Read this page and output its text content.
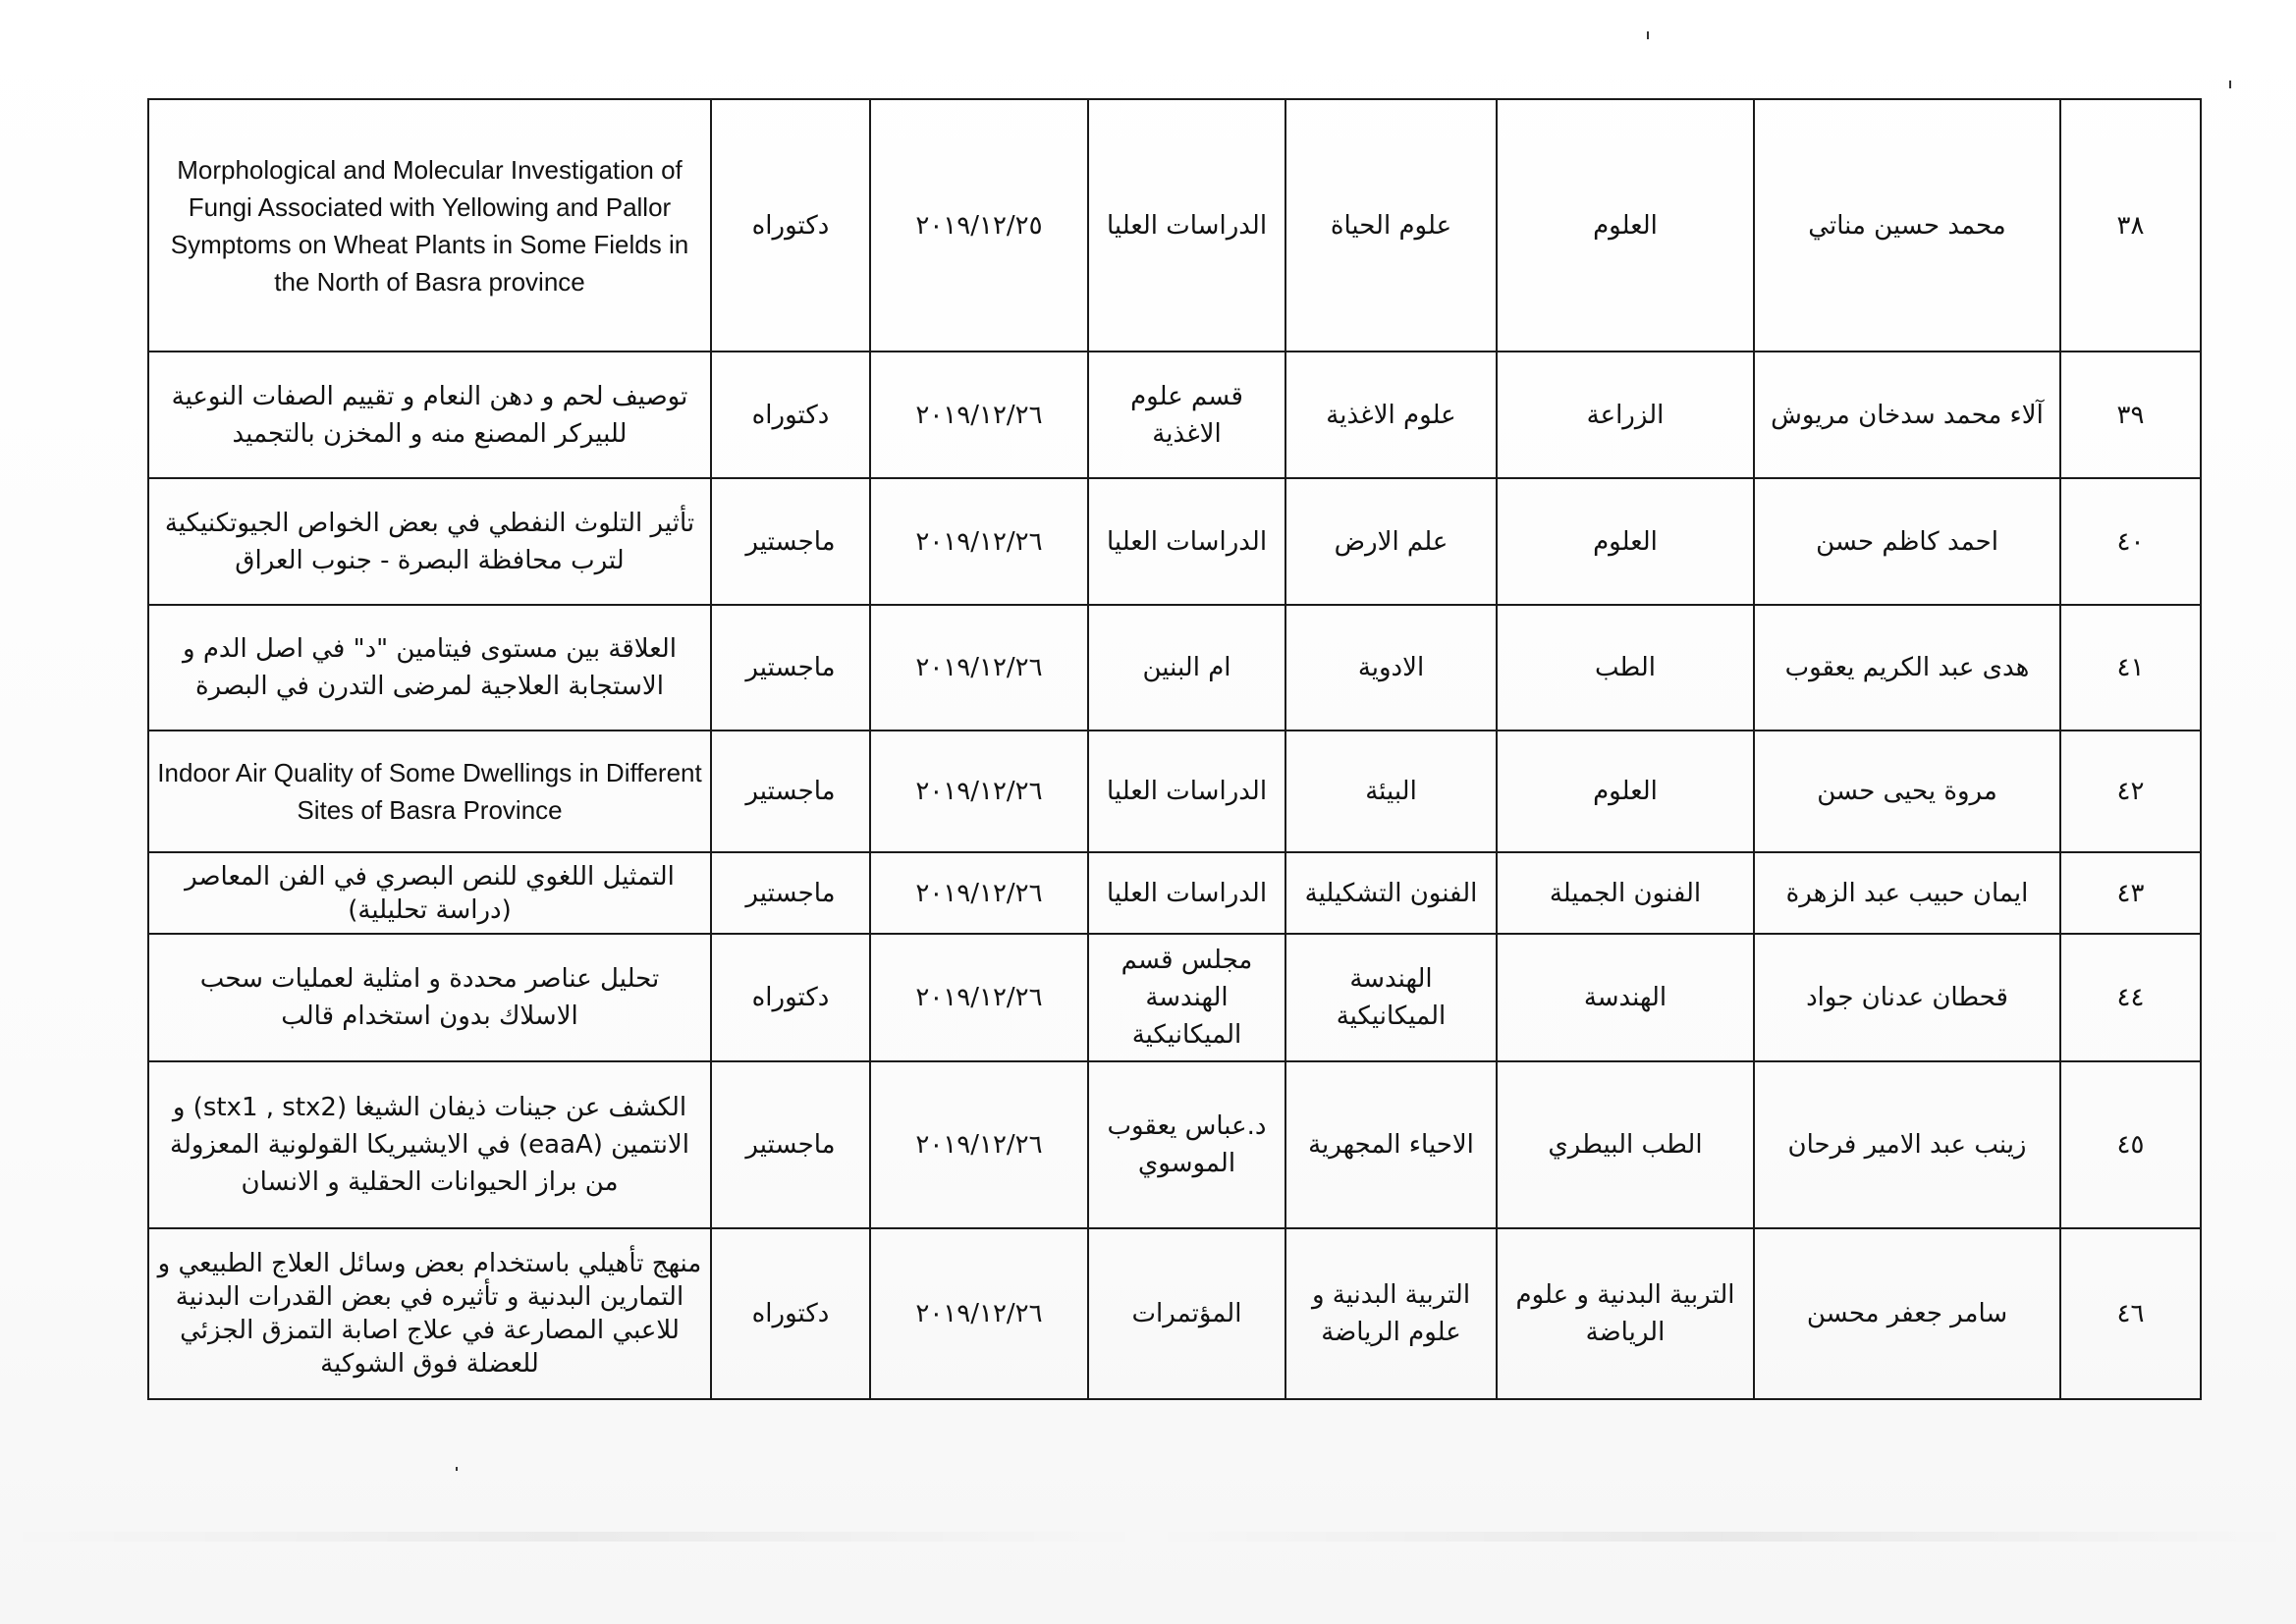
٣٨	محمد حسين مناتي	العلوم	علوم الحياة	الدراسات العليا	٢٠١٩/١٢/٢٥	دكتوراه	Morphological and Molecular Investigation of Fungi Associated with Yellowing and Pallor Symptoms on Wheat Plants in Some Fields in the North of Basra province
٣٩	آلاء محمد سدخان مريوش	الزراعة	علوم الاغذية	قسم علوم الاغذية	٢٠١٩/١٢/٢٦	دكتوراه	توصيف لحم و دهن النعام و تقييم الصفات النوعية للبيركر المصنع منه و المخزن بالتجميد
٤٠	احمد كاظم حسن	العلوم	علم الارض	الدراسات العليا	٢٠١٩/١٢/٢٦	ماجستير	تأثير التلوث النفطي في بعض الخواص الجيوتكنيكية لترب محافظة البصرة - جنوب العراق
٤١	هدى عبد الكريم يعقوب	الطب	الادوية	ام البنين	٢٠١٩/١٢/٢٦	ماجستير	العلاقة بين مستوى فيتامين "د" في اصل الدم و الاستجابة العلاجية لمرضى التدرن في البصرة
٤٢	مروة يحيى حسن	العلوم	البيئة	الدراسات العليا	٢٠١٩/١٢/٢٦	ماجستير	Indoor Air Quality of Some Dwellings in Different Sites of Basra Province
٤٣	ايمان حبيب عبد الزهرة	الفنون الجميلة	الفنون التشكيلية	الدراسات العليا	٢٠١٩/١٢/٢٦	ماجستير	التمثيل اللغوي للنص البصري في الفن المعاصر (دراسة تحليلية)
٤٤	قحطان عدنان جواد	الهندسة	الهندسة الميكانيكية	مجلس قسم الهندسة الميكانيكية	٢٠١٩/١٢/٢٦	دكتوراه	تحليل عناصر محددة و امثلية لعمليات سحب الاسلاك بدون استخدام قالب
٤٥	زينب عبد الامير فرحان	الطب البيطري	الاحياء المجهرية	د.عباس يعقوب الموسوي	٢٠١٩/١٢/٢٦	ماجستير	الكشف عن جينات ذيفان الشيغا (stx1 , stx2) و الانتمين (eaaA) في الايشيريكا القولونية المعزولة من براز الحيوانات الحقلية و الانسان
٤٦	سامر جعفر محسن	التربية البدنية و علوم الرياضة	التربية البدنية و علوم الرياضة	المؤتمرات	٢٠١٩/١٢/٢٦	دكتوراه	منهج تأهيلي باستخدام بعض وسائل العلاج الطبيعي و التمارين البدنية و تأثيره في بعض القدرات البدنية للاعبي المصارعة في علاج اصابة التمزق الجزئي للعضلة فوق الشوكية
